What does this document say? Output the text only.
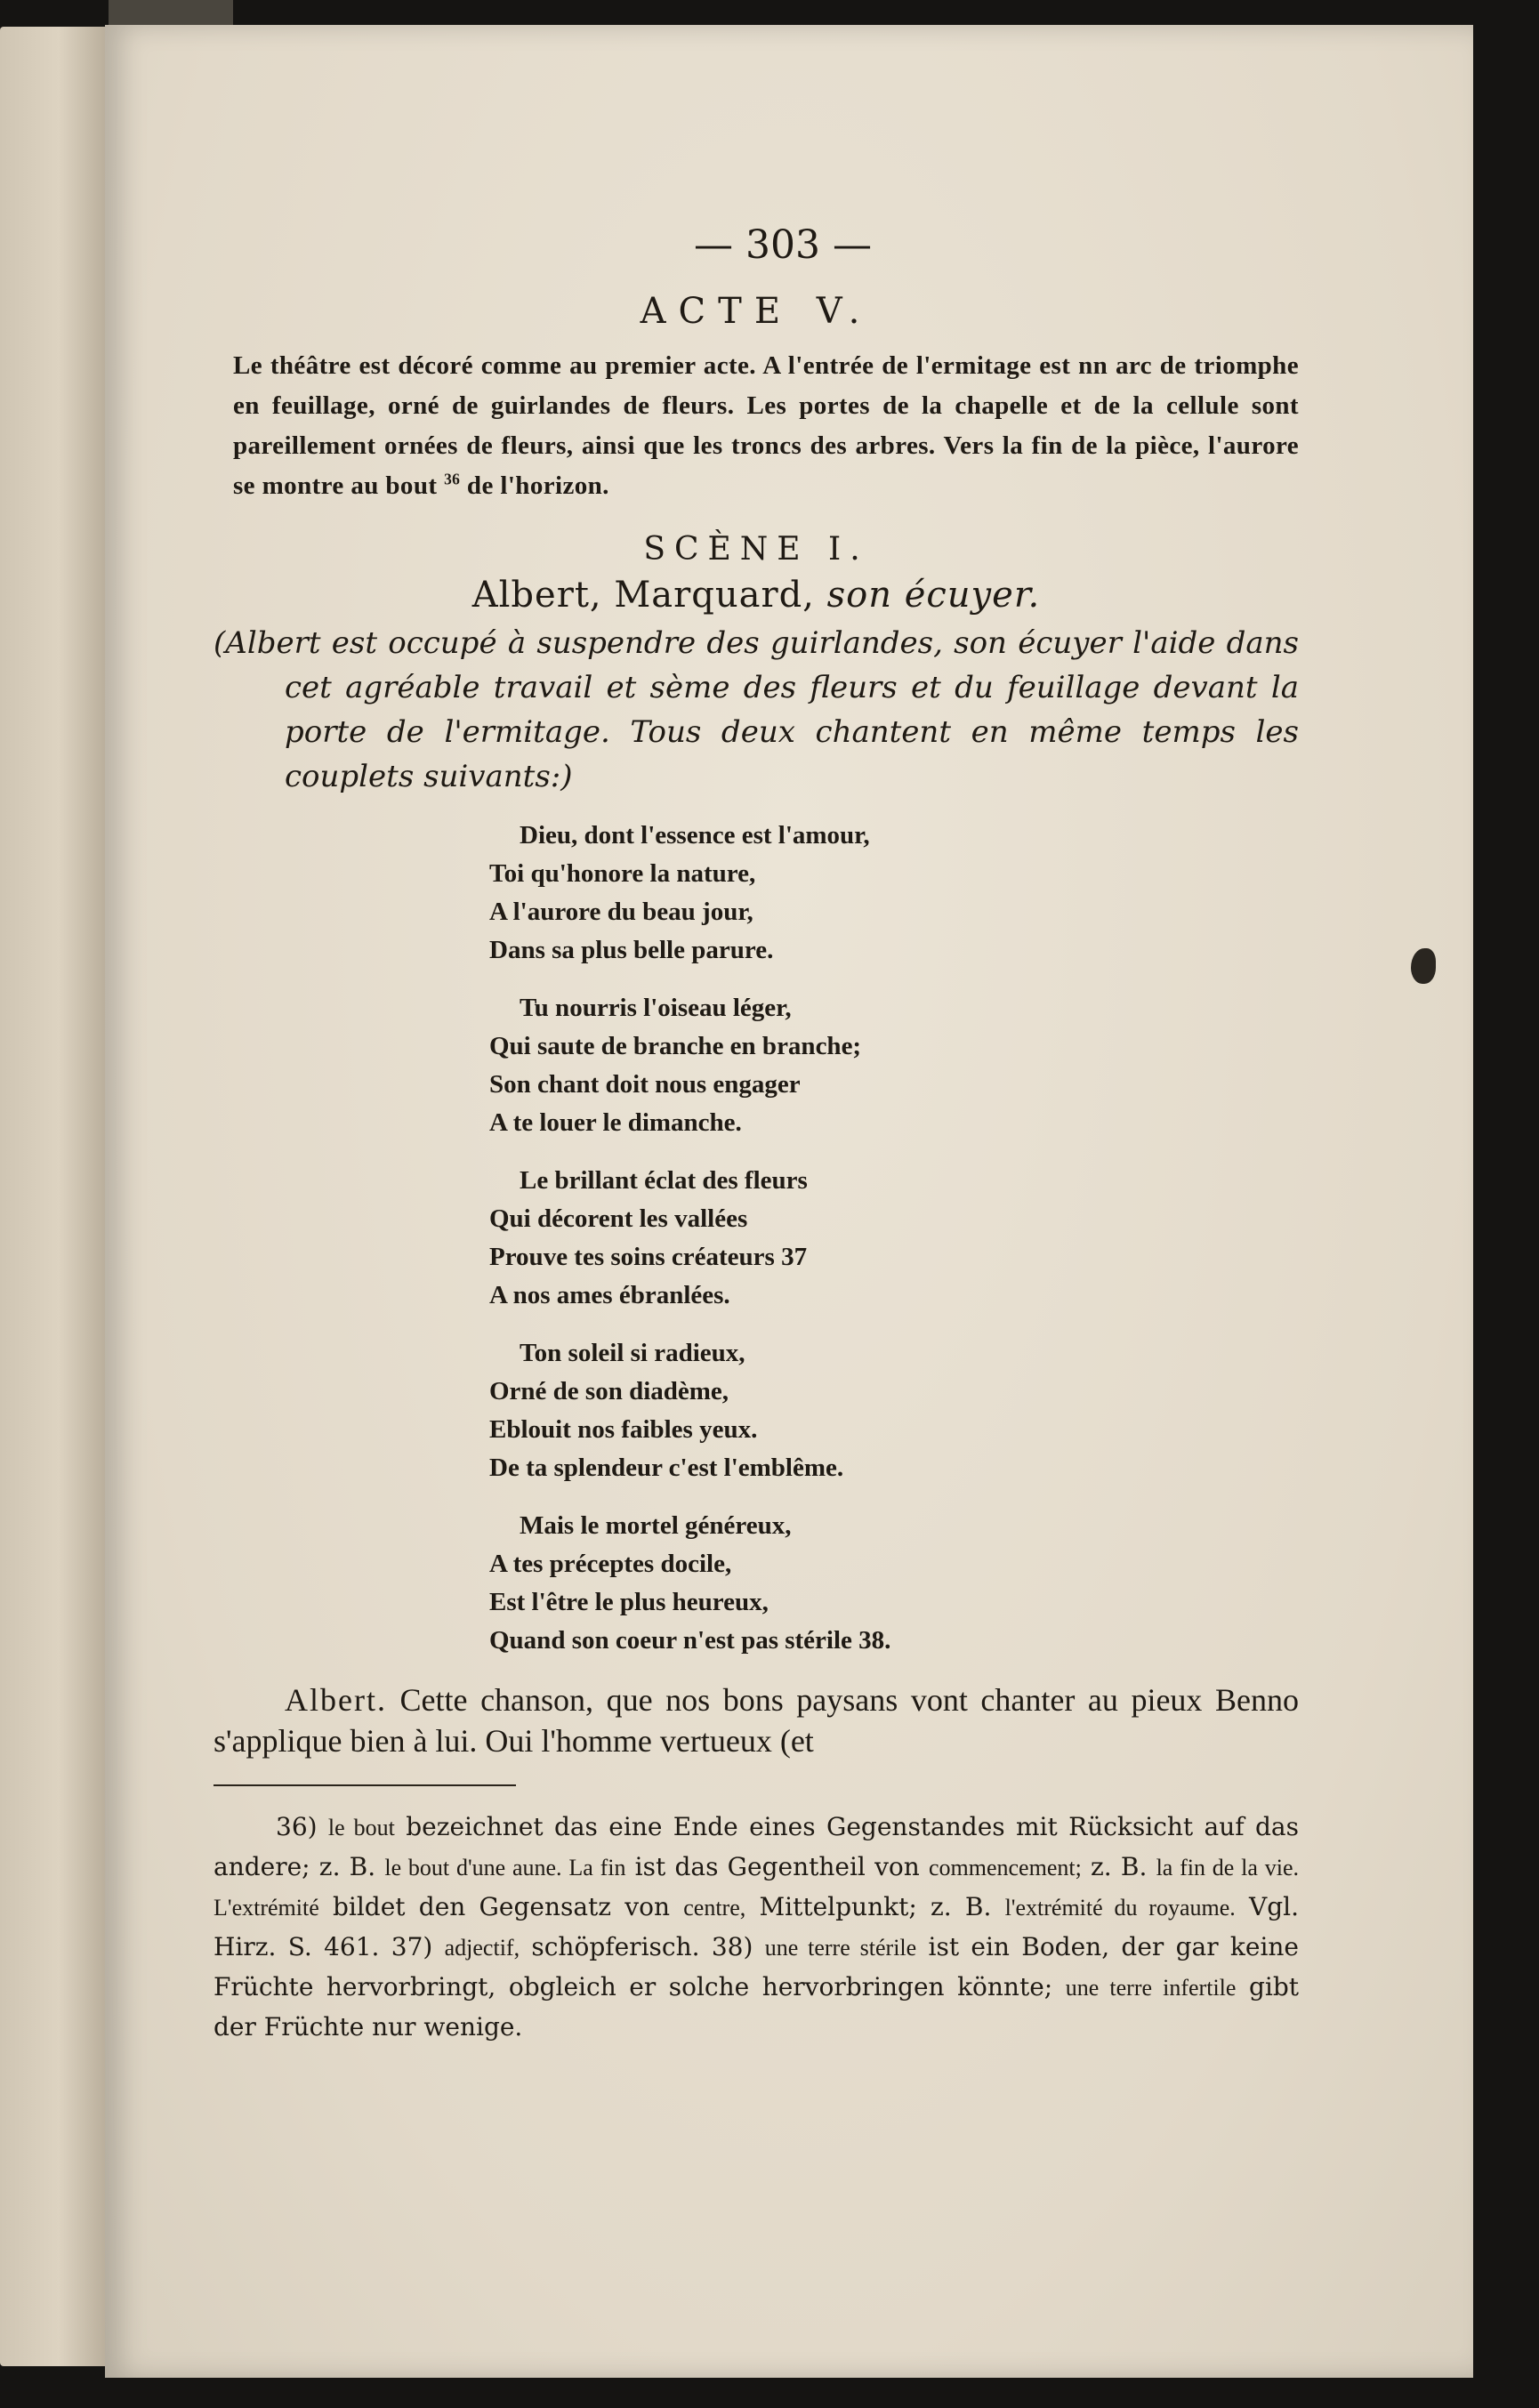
— 303 —
ACTE V.
Le théâtre est décoré comme au premier acte. A l'entrée de l'ermitage est nn arc de triomphe en feuillage, orné de guirlandes de fleurs. Les portes de la chapelle et de la cellule sont pareillement ornées de fleurs, ainsi que les troncs des arbres. Vers la fin de la pièce, l'aurore se montre au bout $^{36}$ de l'horizon.
SCÈNE I.
Albert, Marquard, son écuyer.
(Albert est occupé à suspendre des guirlandes, son écuyer l'aide dans cet agréable travail et sème des fleurs et du feuillage devant la porte de l'ermitage. Tous deux chantent en même temps les couplets suivants:)
Dieu, dont l'essence est l'amour,
Toi qu'honore la nature,
A l'aurore du beau jour,
Dans sa plus belle parure.
Tu nourris l'oiseau léger,
Qui saute de branche en branche;
Son chant doit nous engager
A te louer le dimanche.
Le brillant éclat des fleurs
Qui décorent les vallées
Prouve tes soins créateurs 37
A nos ames ébranlées.
Ton soleil si radieux,
Orné de son diadème,
Eblouit nos faibles yeux.
De ta splendeur c'est l'emblême.
Mais le mortel généreux,
A tes préceptes docile,
Est l'être le plus heureux,
Quand son coeur n'est pas stérile 38.
Albert. Cette chanson, que nos bons paysans vont chanter au pieux Benno s'applique bien à lui. Oui l'homme vertueux (et
36) le bout bezeichnet das eine Ende eines Gegenstandes mit Rücksicht auf das andere; z. B. le bout d'une aune. La fin ist das Gegentheil von commencement; z. B. la fin de la vie. L'extrémité bildet den Gegensatz von centre, Mittelpunkt; z. B. l'extrémité du royaume. Vgl. Hirz. S. 461. 37) adjectif, schöpferisch. 38) une terre stérile ist ein Boden, der gar keine Früchte hervorbringt, obgleich er solche hervorbringen könnte; une terre infertile gibt der Früchte nur wenige.
